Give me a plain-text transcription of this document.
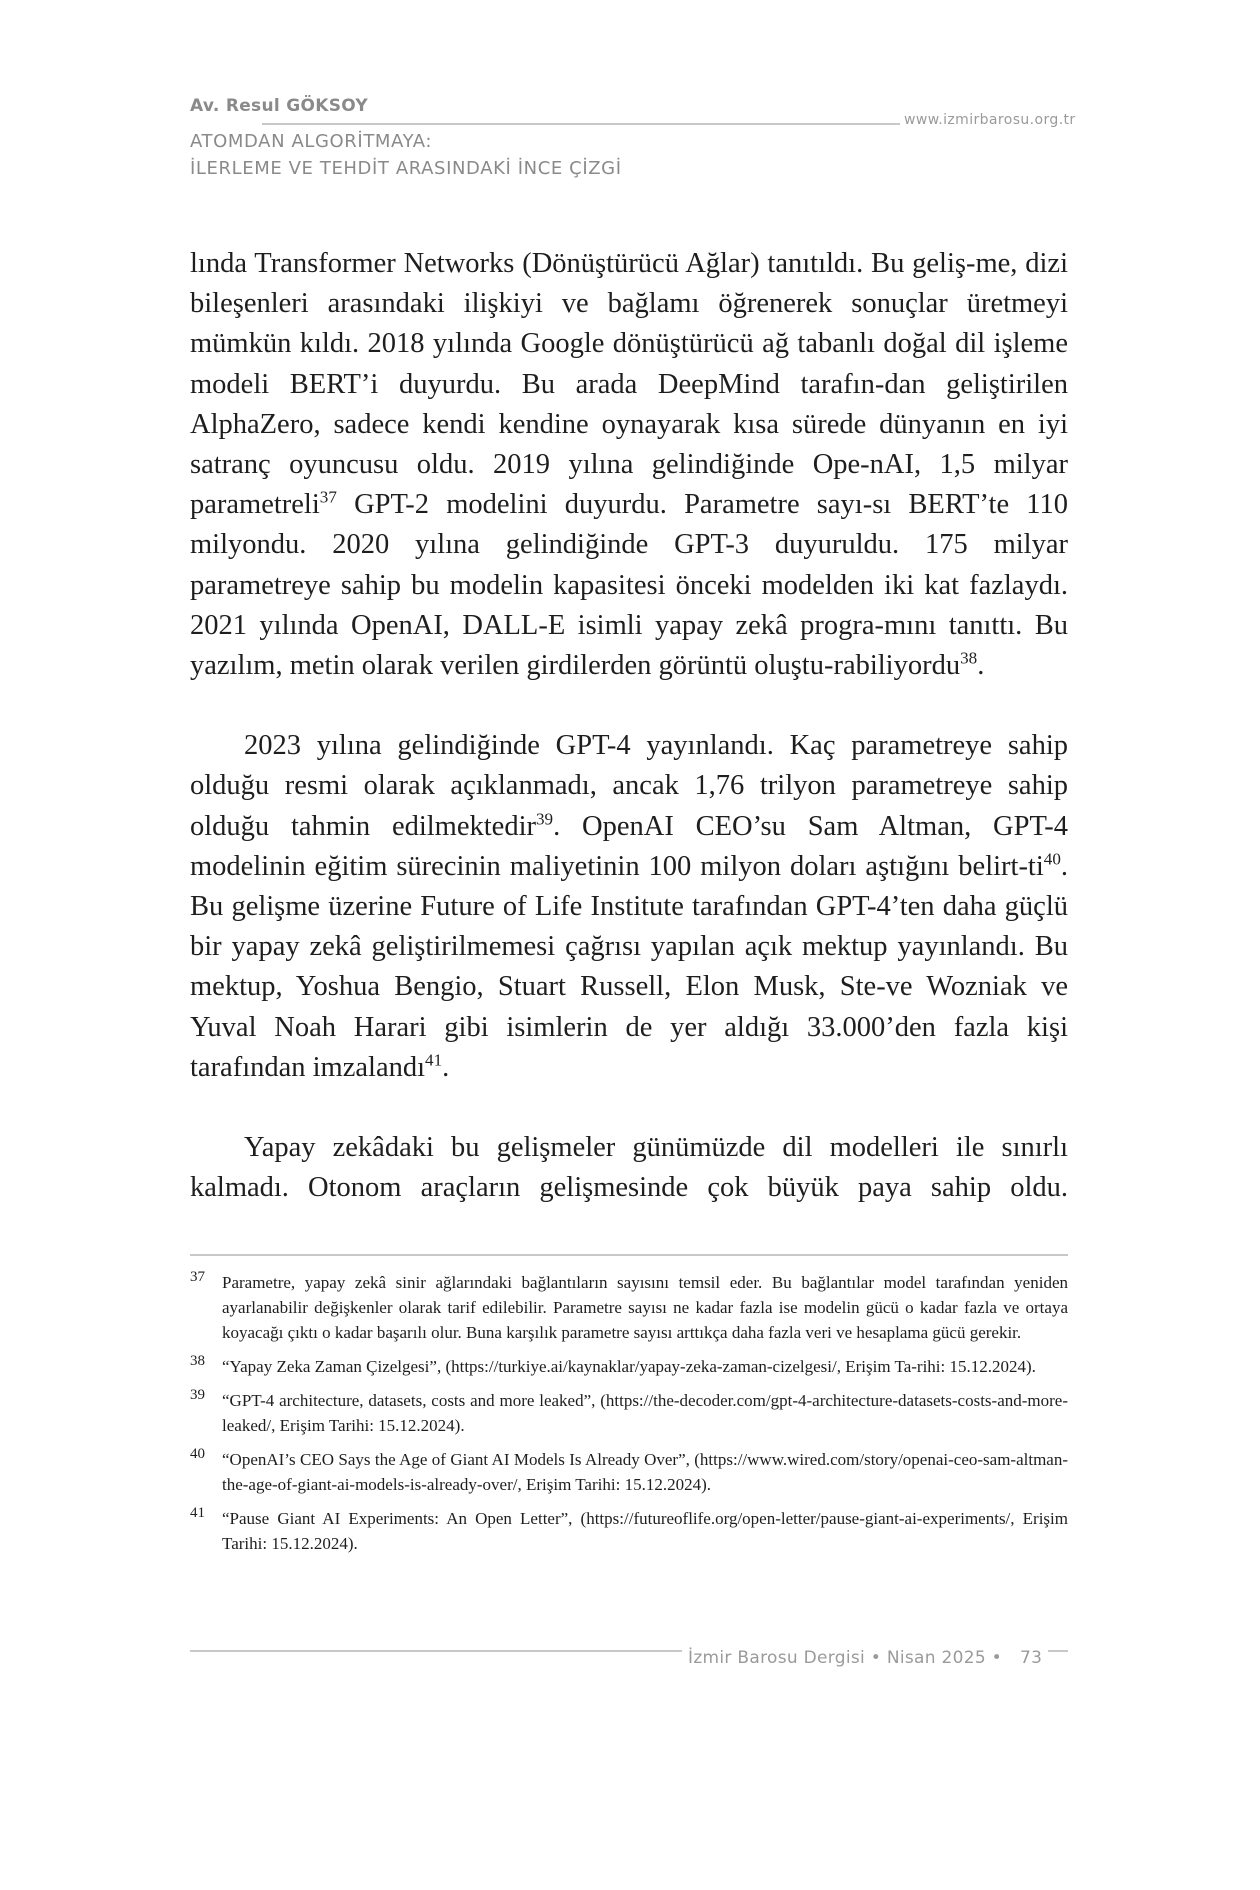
Av. Resul GÖKSOY
www.izmirbarosu.org.tr
ATOMDAN ALGORİTMAYA:
İLERLEME VE TEHDİT ARASINDAKİ İNCE ÇİZGİ

lında Transformer Networks (Dönüştürücü Ağlar) tanıtıldı. Bu geliş-me, dizi bileşenleri arasındaki ilişkiyi ve bağlamı öğrenerek sonuçlar üretmeyi mümkün kıldı. 2018 yılında Google dönüştürücü ağ tabanlı doğal dil işleme modeli BERT’i duyurdu. Bu arada DeepMind tarafın-dan geliştirilen AlphaZero, sadece kendi kendine oynayarak kısa sürede dünyanın en iyi satranç oyuncusu oldu. 2019 yılına gelindiğinde Ope-nAI, 1,5 milyar parametreli$^{37}$ GPT-2 modelini duyurdu. Parametre sayı-sı BERT’te 110 milyondu. 2020 yılına gelindiğinde GPT-3 duyuruldu. 175 milyar parametreye sahip bu modelin kapasitesi önceki modelden iki kat fazlaydı. 2021 yılında OpenAI, DALL-E isimli yapay zekâ progra-mını tanıttı. Bu yazılım, metin olarak verilen girdilerden görüntü oluştu-rabiliyordu$^{38}$.

2023 yılına gelindiğinde GPT-4 yayınlandı. Kaç parametreye sahip olduğu resmi olarak açıklanmadı, ancak 1,76 trilyon parametreye sahip olduğu tahmin edilmektedir$^{39}$. OpenAI CEO’su Sam Altman, GPT-4 modelinin eğitim sürecinin maliyetinin 100 milyon doları aştığını belirt-$ti^{40}$. Bu gelişme üzerine Future of Life Institute tarafından GPT-4’ten daha güçlü bir yapay zekâ geliştirilmemesi çağrısı yapılan açık mektup yayınlandı. Bu mektup, Yoshua Bengio, Stuart Russell, Elon Musk, Ste-ve Wozniak ve Yuval Noah Harari gibi isimlerin de yer aldığı 33.000’den fazla kişi tarafından imzalandı$^{41}$.

Yapay zekâdaki bu gelişmeler günümüzde dil modelleri ile sınırlı kalmadı. Otonom araçların gelişmesinde çok büyük paya sahip oldu.

37 Parametre, yapay zekâ sinir ağlarındaki bağlantıların sayısını temsil eder. Bu bağlantılar model tarafından yeniden ayarlanabilir değişkenler olarak tarif edilebilir. Parametre sayısı ne kadar fazla ise modelin gücü o kadar fazla ve ortaya koyacağı çıktı o kadar başarılı olur. Buna karşılık parametre sayısı arttıkça daha fazla veri ve hesaplama gücü gerekir.
38 “Yapay Zeka Zaman Çizelgesi”, (https://turkiye.ai/kaynaklar/yapay-zeka-zaman-cizelgesi/, Erişim Ta-rihi: 15.12.2024).
39 “GPT-4 architecture, datasets, costs and more leaked”, (https://the-decoder.com/gpt-4-architecture-datasets-costs-and-more-leaked/, Erişim Tarihi: 15.12.2024).
40 “OpenAI’s CEO Says the Age of Giant AI Models Is Already Over”, (https://www.wired.com/story/openai-ceo-sam-altman-the-age-of-giant-ai-models-is-already-over/, Erişim Tarihi: 15.12.2024).
41 “Pause Giant AI Experiments: An Open Letter”, (https://futureoflife.org/open-letter/pause-giant-ai-experiments/, Erişim Tarihi: 15.12.2024).
İzmir Barosu Dergisi • Nisan 2025 • 73
